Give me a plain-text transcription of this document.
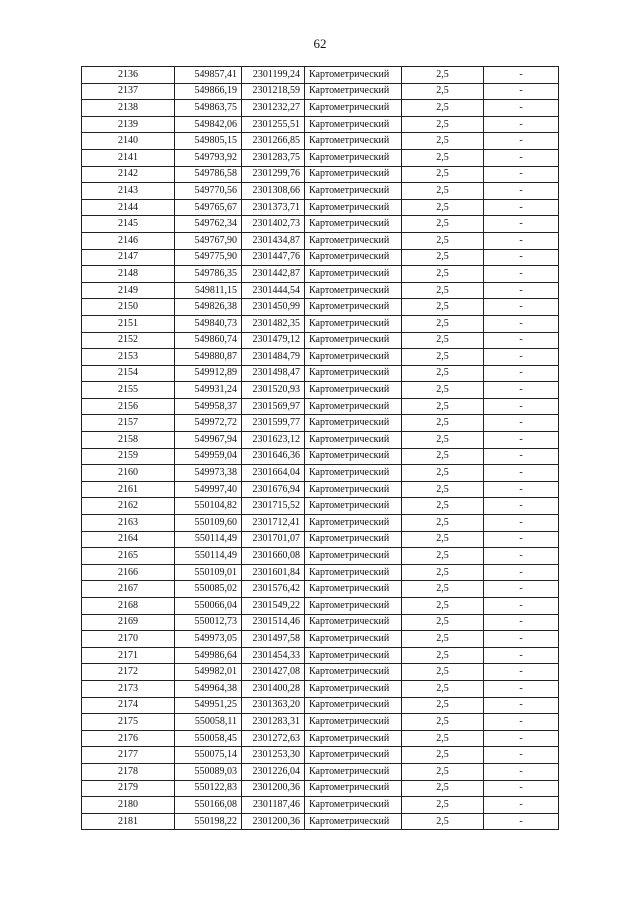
62
2136	549857,41	2301199,24	Картометрический	2,5	-
2137	549866,19	2301218,59	Картометрический	2,5	-
2138	549863,75	2301232,27	Картометрический	2,5	-
2139	549842,06	2301255,51	Картометрический	2,5	-
2140	549805,15	2301266,85	Картометрический	2,5	-
2141	549793,92	2301283,75	Картометрический	2,5	-
2142	549786,58	2301299,76	Картометрический	2,5	-
2143	549770,56	2301308,66	Картометрический	2,5	-
2144	549765,67	2301373,71	Картометрический	2,5	-
2145	549762,34	2301402,73	Картометрический	2,5	-
2146	549767,90	2301434,87	Картометрический	2,5	-
2147	549775,90	2301447,76	Картометрический	2,5	-
2148	549786,35	2301442,87	Картометрический	2,5	-
2149	549811,15	2301444,54	Картометрический	2,5	-
2150	549826,38	2301450,99	Картометрический	2,5	-
2151	549840,73	2301482,35	Картометрический	2,5	-
2152	549860,74	2301479,12	Картометрический	2,5	-
2153	549880,87	2301484,79	Картометрический	2,5	-
2154	549912,89	2301498,47	Картометрический	2,5	-
2155	549931,24	2301520,93	Картометрический	2,5	-
2156	549958,37	2301569,97	Картометрический	2,5	-
2157	549972,72	2301599,77	Картометрический	2,5	-
2158	549967,94	2301623,12	Картометрический	2,5	-
2159	549959,04	2301646,36	Картометрический	2,5	-
2160	549973,38	2301664,04	Картометрический	2,5	-
2161	549997,40	2301676,94	Картометрический	2,5	-
2162	550104,82	2301715,52	Картометрический	2,5	-
2163	550109,60	2301712,41	Картометрический	2,5	-
2164	550114,49	2301701,07	Картометрический	2,5	-
2165	550114,49	2301660,08	Картометрический	2,5	-
2166	550109,01	2301601,84	Картометрический	2,5	-
2167	550085,02	2301576,42	Картометрический	2,5	-
2168	550066,04	2301549,22	Картометрический	2,5	-
2169	550012,73	2301514,46	Картометрический	2,5	-
2170	549973,05	2301497,58	Картометрический	2,5	-
2171	549986,64	2301454,33	Картометрический	2,5	-
2172	549982,01	2301427,08	Картометрический	2,5	-
2173	549964,38	2301400,28	Картометрический	2,5	-
2174	549951,25	2301363,20	Картометрический	2,5	-
2175	550058,11	2301283,31	Картометрический	2,5	-
2176	550058,45	2301272,63	Картометрический	2,5	-
2177	550075,14	2301253,30	Картометрический	2,5	-
2178	550089,03	2301226,04	Картометрический	2,5	-
2179	550122,83	2301200,36	Картометрический	2,5	-
2180	550166,08	2301187,46	Картометрический	2,5	-
2181	550198,22	2301200,36	Картометрический	2,5	-
